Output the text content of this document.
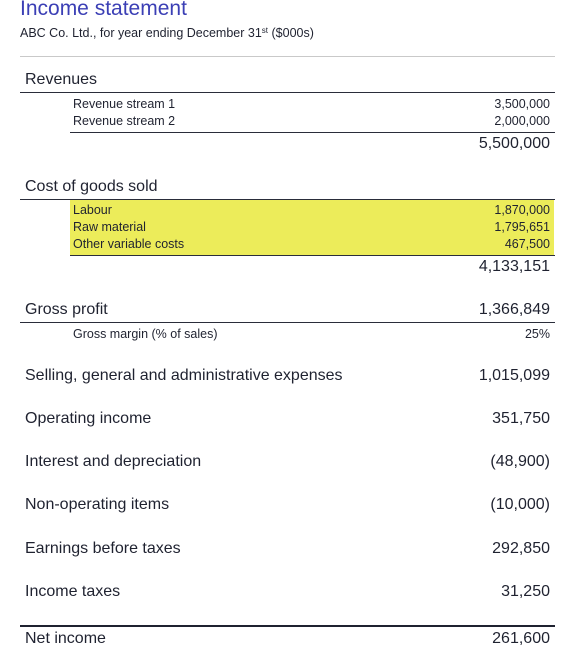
Income statement
ABC Co. Ltd., for year ending December 31st ($000s)
Revenues
Revenue stream 1	3,500,000
Revenue stream 2	2,000,000
5,500,000
Cost of goods sold
Labour	1,870,000
Raw material	1,795,651
Other variable costs	467,500
4,133,151
Gross profit	1,366,849
Gross margin (% of sales)	25%
Selling, general and administrative expenses	1,015,099
Operating income	351,750
Interest and depreciation	(48,900)
Non-operating items	(10,000)
Earnings before taxes	292,850
Income taxes	31,250
Net income	261,600
